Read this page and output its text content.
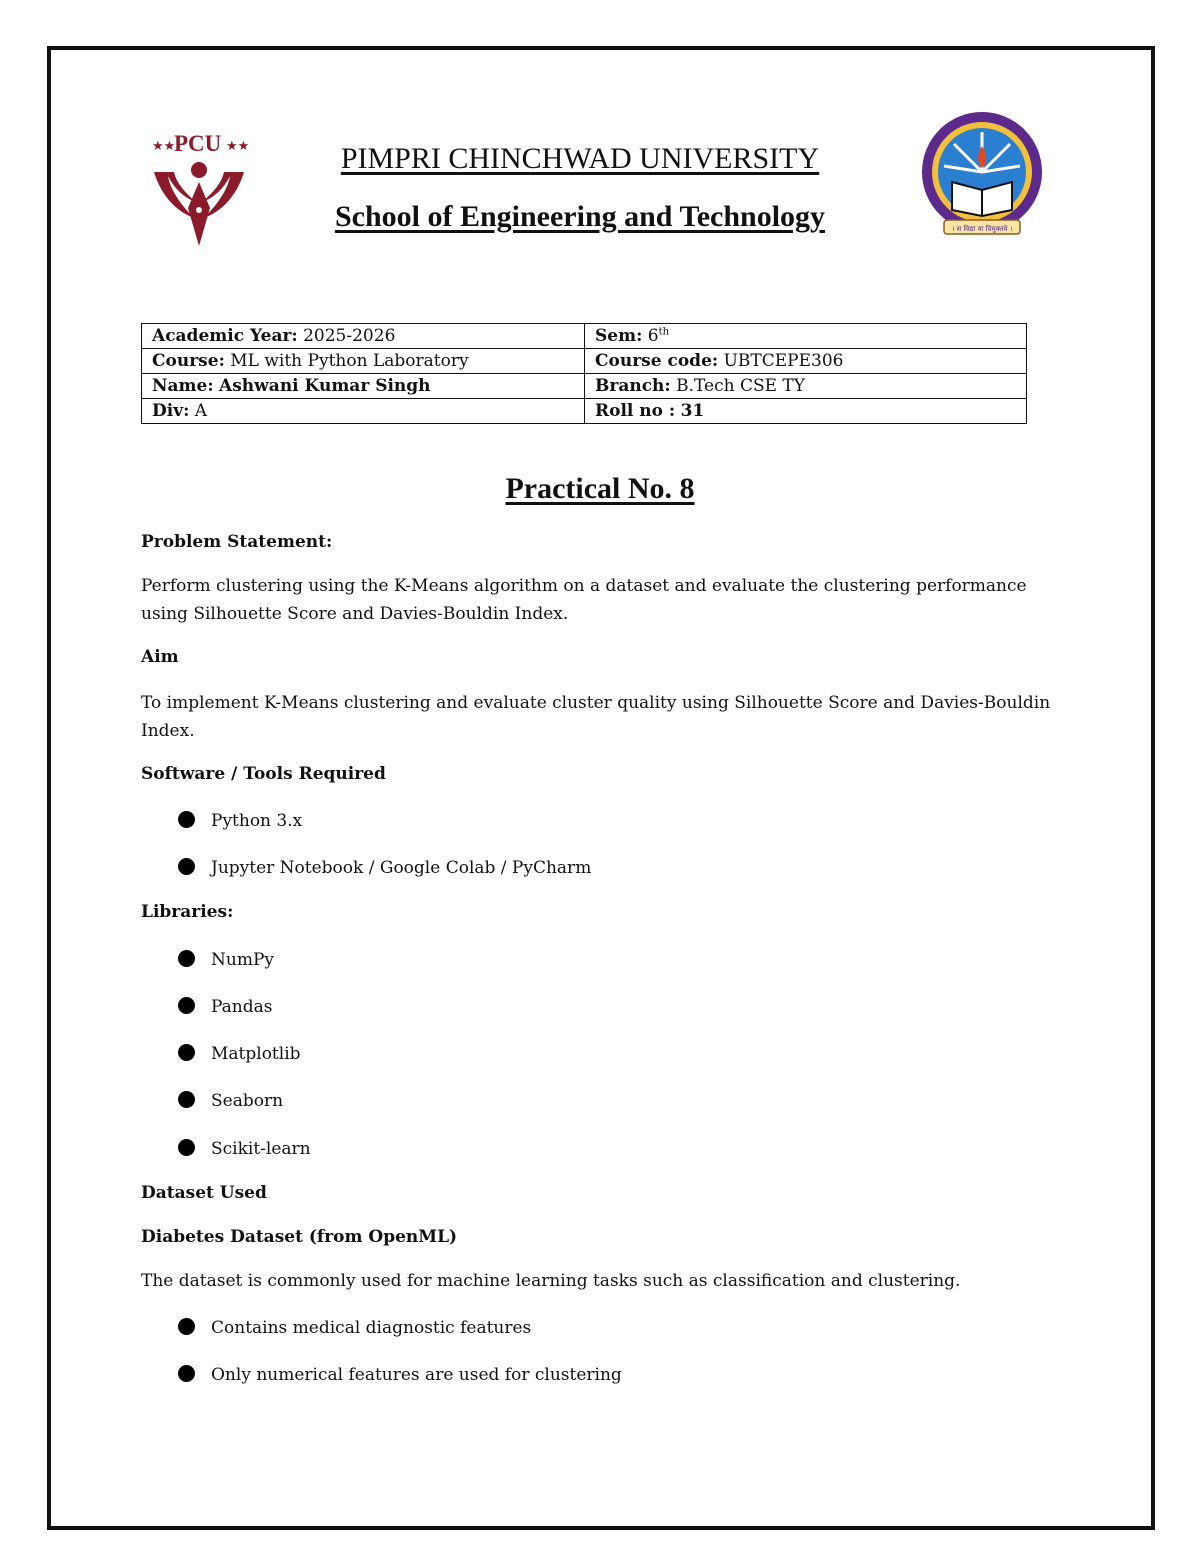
★★
PCU ★★
। स विद्या या विमुक्तये ।
PIMPRI CHINCHWAD UNIVERSITY
School of Engineering and Technology
Academic Year: 2025-2026	Sem: 6th
Course: ML with Python Laboratory	Course code: UBTCEPE306
Name: Ashwani Kumar Singh	Branch: B.Tech CSE TY
Div: A	Roll no : 31
Practical No. 8
Problem Statement:
Perform clustering using the K-Means algorithm on a dataset and evaluate the clustering performance using Silhouette Score and Davies-Bouldin Index.
Aim
To implement K-Means clustering and evaluate cluster quality using Silhouette Score and Davies-Bouldin Index.
Software / Tools Required
Python 3.x
Jupyter Notebook / Google Colab / PyCharm
Libraries:
NumPy
Pandas
Matplotlib
Seaborn
Scikit-learn
Dataset Used
Diabetes Dataset (from OpenML)
The dataset is commonly used for machine learning tasks such as classification and clustering.
Contains medical diagnostic features
Only numerical features are used for clustering
